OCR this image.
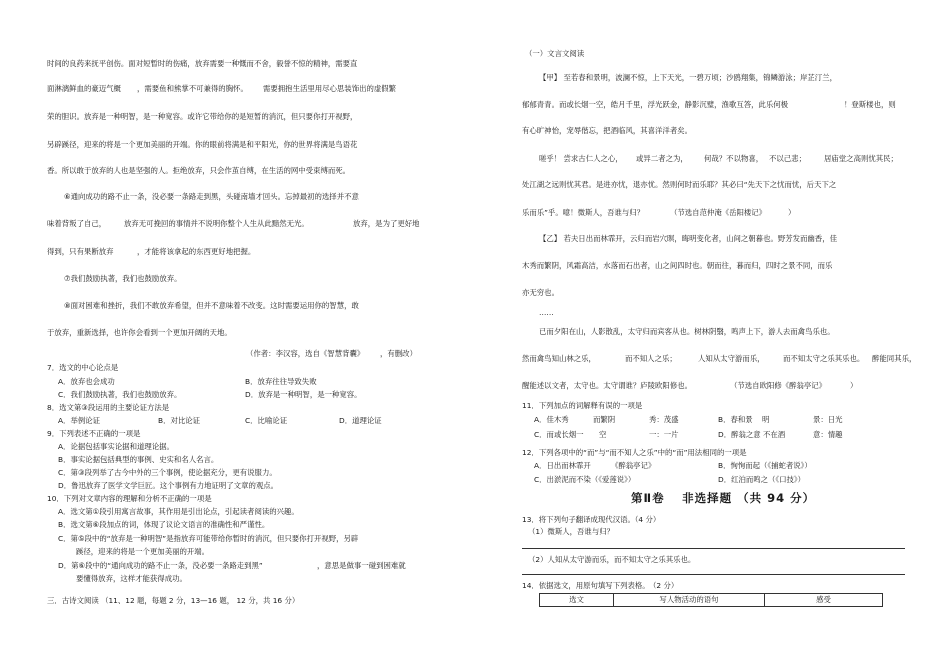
时间的良药来抚平创伤。面对短暂时的伤痛，放弃需要一种慨而不舍，毅誉不惊的精神，需要直
面淋漓鲜血的豪迈气概 ，需要鱼和熊掌不可兼得的胸怀。 需要拥抱生活里用尽心思装饰出的虚假繁
荣的胆识。放弃是一种明智，是一种宽容。或许它带给你的是短暂的消沉，但只要你打开视野，
另辟蹊径，迎来的将是一个更加美丽的开端。你的眼前将满是和平阳光，你的世界将满是鸟语花
香。所以敢于放弃的人也是坚强的人。拒绝放弃，只会作茧自缚，在生活的网中受束缚而死。
⑥通向成功的路不止一条，没必要一条路走到黑，头碰南墙才回头。忘掉最初的选择并不意
味着背叛了自己， 放弃无可挽回的事情并不说明你整个人生从此黯然无光。	放弃，是为了更好地
得到，只有果断放弃	，才能将该拿起的东西更好地把握。
⑦我们鼓励执著，我们也鼓励放弃。
⑧面对困难和挫折，我们不敢放弃希望，但并不意味着不改变。这时需要运用你的智慧，敢
于放弃，重新选择，也许你会看到一个更加开阔的天地。
（作者：李汉容，选自《智慧背囊》 ，有删改）
7．选文的中心论点是
A．放弃也会成功	B．放弃往往导致失败
C．我们鼓励执著，我们也鼓励放弃。	D．放弃是一种明智，是一种宽容。
8．选文第③段运用的主要论证方法是
A．举例论证	B．对比论证	C．比喻论证	D．道理论证
9．下列表述不正确的一项是
A．论据包括事实论据和道理论据。
B．事实论据包括典型的事例、史实和名人名言。
C．第③段列举了古今中外的三个事例，使论据充分，更有说服力。
D．鲁迅放弃了医学文学巨匠。这个事例有力地证明了文章的观点。
10．下列对文章内容的理解和分析不正确的一项是
A．选文第①段引用寓言故事，其作用是引出论点，引起读者阅读的兴趣。
B．选文第⑥段加点的词，体现了议论文语言的准确性和严谨性。
C．第⑤段中的“放弃是一种明智”是指放弃可能带给你暂时的消沉，但只要你打开视野，另辟
蹊径，迎来的将是一个更加美丽的开端。
D．第⑥段中的“通向成功的路不止一条，没必要一条路走到黑”	，意思是做事一碰到困难就
要懂得放弃，这样才能获得成功。
三．古诗文阅读 （11、12 题，每题 2 分，13—16 题， 12 分，共 16 分）
（一）文言文阅读
【甲】 至若春和景明，波澜不惊，上下天光，一碧万顷；沙鸥翔集，锦鳞游泳；岸芷汀兰，
郁郁青青。而或长烟一空，皓月千里，浮光跃金，静影沉璧，渔歌互答，此乐何极	！登斯楼也，则
有心旷神怡，宠辱偕忘，把酒临风，其喜洋洋者矣。
嗟乎！ 尝求古仁人之心， 或异二者之为， 何哉？不以物喜， 不以己悲； 居庙堂之高则忧其民；
处江湖之远则忧其君。是进亦忧，退亦忧。然则何时而乐耶？其必曰“先天下之忧而忧，后天下之
乐而乐”乎。噫！微斯人，吾谁与归？	（节选自范仲淹《岳阳楼记》	）
【乙】 若夫日出而林霏开，云归而岩穴暝，晦明变化者，山间之朝暮也。野芳发而幽香，佳
木秀而繁阴，风霜高洁，水落而石出者，山之间四时也。朝而往，暮而归，四时之景不同，而乐
亦无穷也。
……
已而夕阳在山，人影散乱，太守归而宾客从也。树林阴翳，鸣声上下，游人去而禽鸟乐也。
然而禽鸟知山林之乐，	而不知人之乐；	人知从太守游而乐， 而不知太守之乐其乐也。 醉能同其乐，
醒能述以文者，太守也。太守谓谁？庐陵欧阳修也。	（节选自欧阳修《醉翁亭记》	）
11．下列加点的词解释有误的一项是
A．佳木秀	而繁阴	秀：茂盛	B．春和景 明	景：日光
C．而或长烟一 空	一：一片	D．醉翁之意 不在酒	意：情趣
12．下列各项中的“而”与“而不知人之乐”中的“而”用法相同的一项是
A．日出而林霏开	《醉翁亭记》	B．恂恂而起（《捕蛇者说》）
C．出淤泥而不染（《爱莲说》）	D．红泊而鸣之（《口技》）
第Ⅱ卷　 非选择题 （共 94 分）
13．将下列句子翻译成现代汉语。
（4 分）
（1）微斯人，吾谁与归？
（2）人知从太守游而乐，而不知太守之乐其乐也。
14．依据选文，用原句填写下列表格。 （2 分）
选文	写人物活动的语句	感受
